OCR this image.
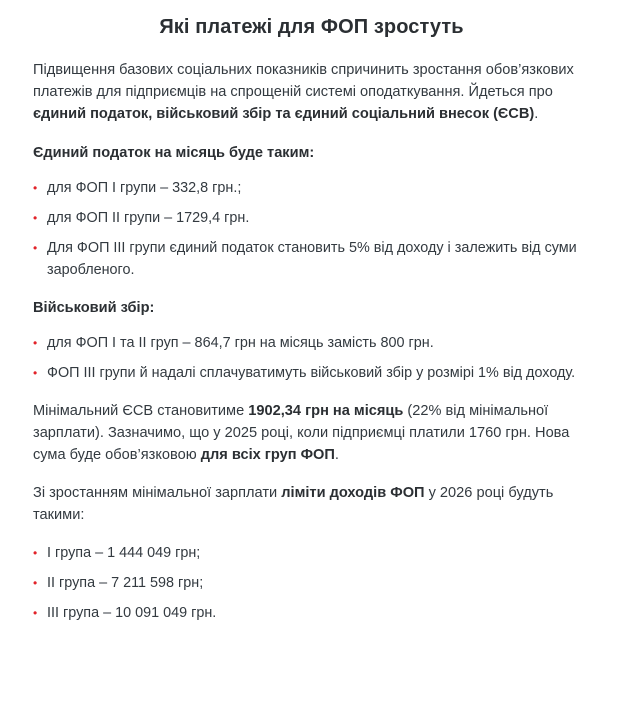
Які платежі для ФОП зростуть

Підвищення базових соціальних показників спричинить зростання обов’язкових платежів для підприємців на спрощеній системі оподаткування. Йдеться про єдиний податок, військовий збір та єдиний соціальний внесок (ЄСВ).

Єдиний податок на місяць буде таким:

• для ФОП I групи – 332,8 грн.;
• для ФОП II групи – 1729,4 грн.
• Для ФОП III групи єдиний податок становить 5% від доходу і залежить від суми заробленого.

Військовий збір:

• для ФОП I та II груп – 864,7 грн на місяць замість 800 грн.
• ФОП III групи й надалі сплачуватимуть військовий збір у розмірі 1% від доходу.

Мінімальний ЄСВ становитиме 1902,34 грн на місяць (22% від мінімальної зарплати). Зазначимо, що у 2025 році, коли підприємці платили 1760 грн. Нова сума буде обов’язковою для всіх груп ФОП.

Зі зростанням мінімальної зарплати ліміти доходів ФОП у 2026 році будуть такими:

• I група – 1 444 049 грн;
• II група – 7 211 598 грн;
• III група – 10 091 049 грн.
